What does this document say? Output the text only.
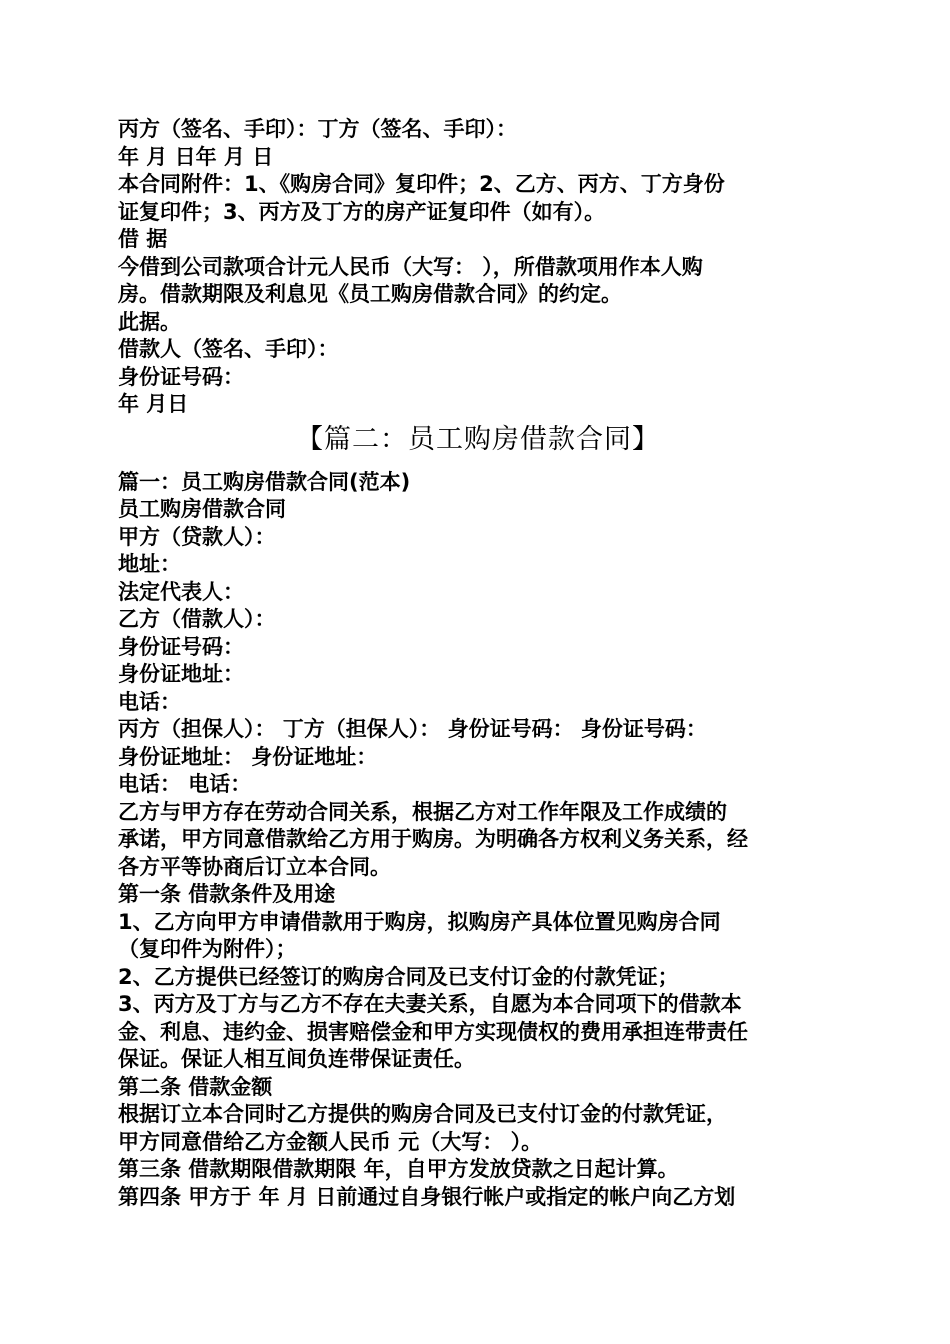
丙方（签名、手印）：丁方（签名、手印）：
年 月 日年 月 日
本合同附件：1、《购房合同》复印件；2、乙方、丙方、丁方身份
证复印件；3、丙方及丁方的房产证复印件（如有）。
借 据
今借到公司款项合计元人民币（大写： ），所借款项用作本人购
房。借款期限及利息见《员工购房借款合同》的约定。
此据。
借款人（签名、手印）：
身份证号码：
年 月日
【篇二：员工购房借款合同】
篇一：员工购房借款合同(范本)
员工购房借款合同
甲方（贷款人）：
地址：
法定代表人：
乙方（借款人）：
身份证号码：
身份证地址：
电话：
丙方（担保人）： 丁方（担保人）： 身份证号码： 身份证号码：
身份证地址： 身份证地址：
电话： 电话：
乙方与甲方存在劳动合同关系，根据乙方对工作年限及工作成绩的
承诺，甲方同意借款给乙方用于购房。为明确各方权利义务关系，经
各方平等协商后订立本合同。
第一条 借款条件及用途
1、乙方向甲方申请借款用于购房，拟购房产具体位置见购房合同
（复印件为附件）；
2、乙方提供已经签订的购房合同及已支付订金的付款凭证；
3、丙方及丁方与乙方不存在夫妻关系，自愿为本合同项下的借款本
金、利息、违约金、损害赔偿金和甲方实现债权的费用承担连带责任
保证。保证人相互间负连带保证责任。
第二条 借款金额
根据订立本合同时乙方提供的购房合同及已支付订金的付款凭证，
甲方同意借给乙方金额人民币 元（大写： ）。
第三条 借款期限借款期限 年，自甲方发放贷款之日起计算。
第四条 甲方于 年 月 日前通过自身银行帐户或指定的帐户向乙方划
